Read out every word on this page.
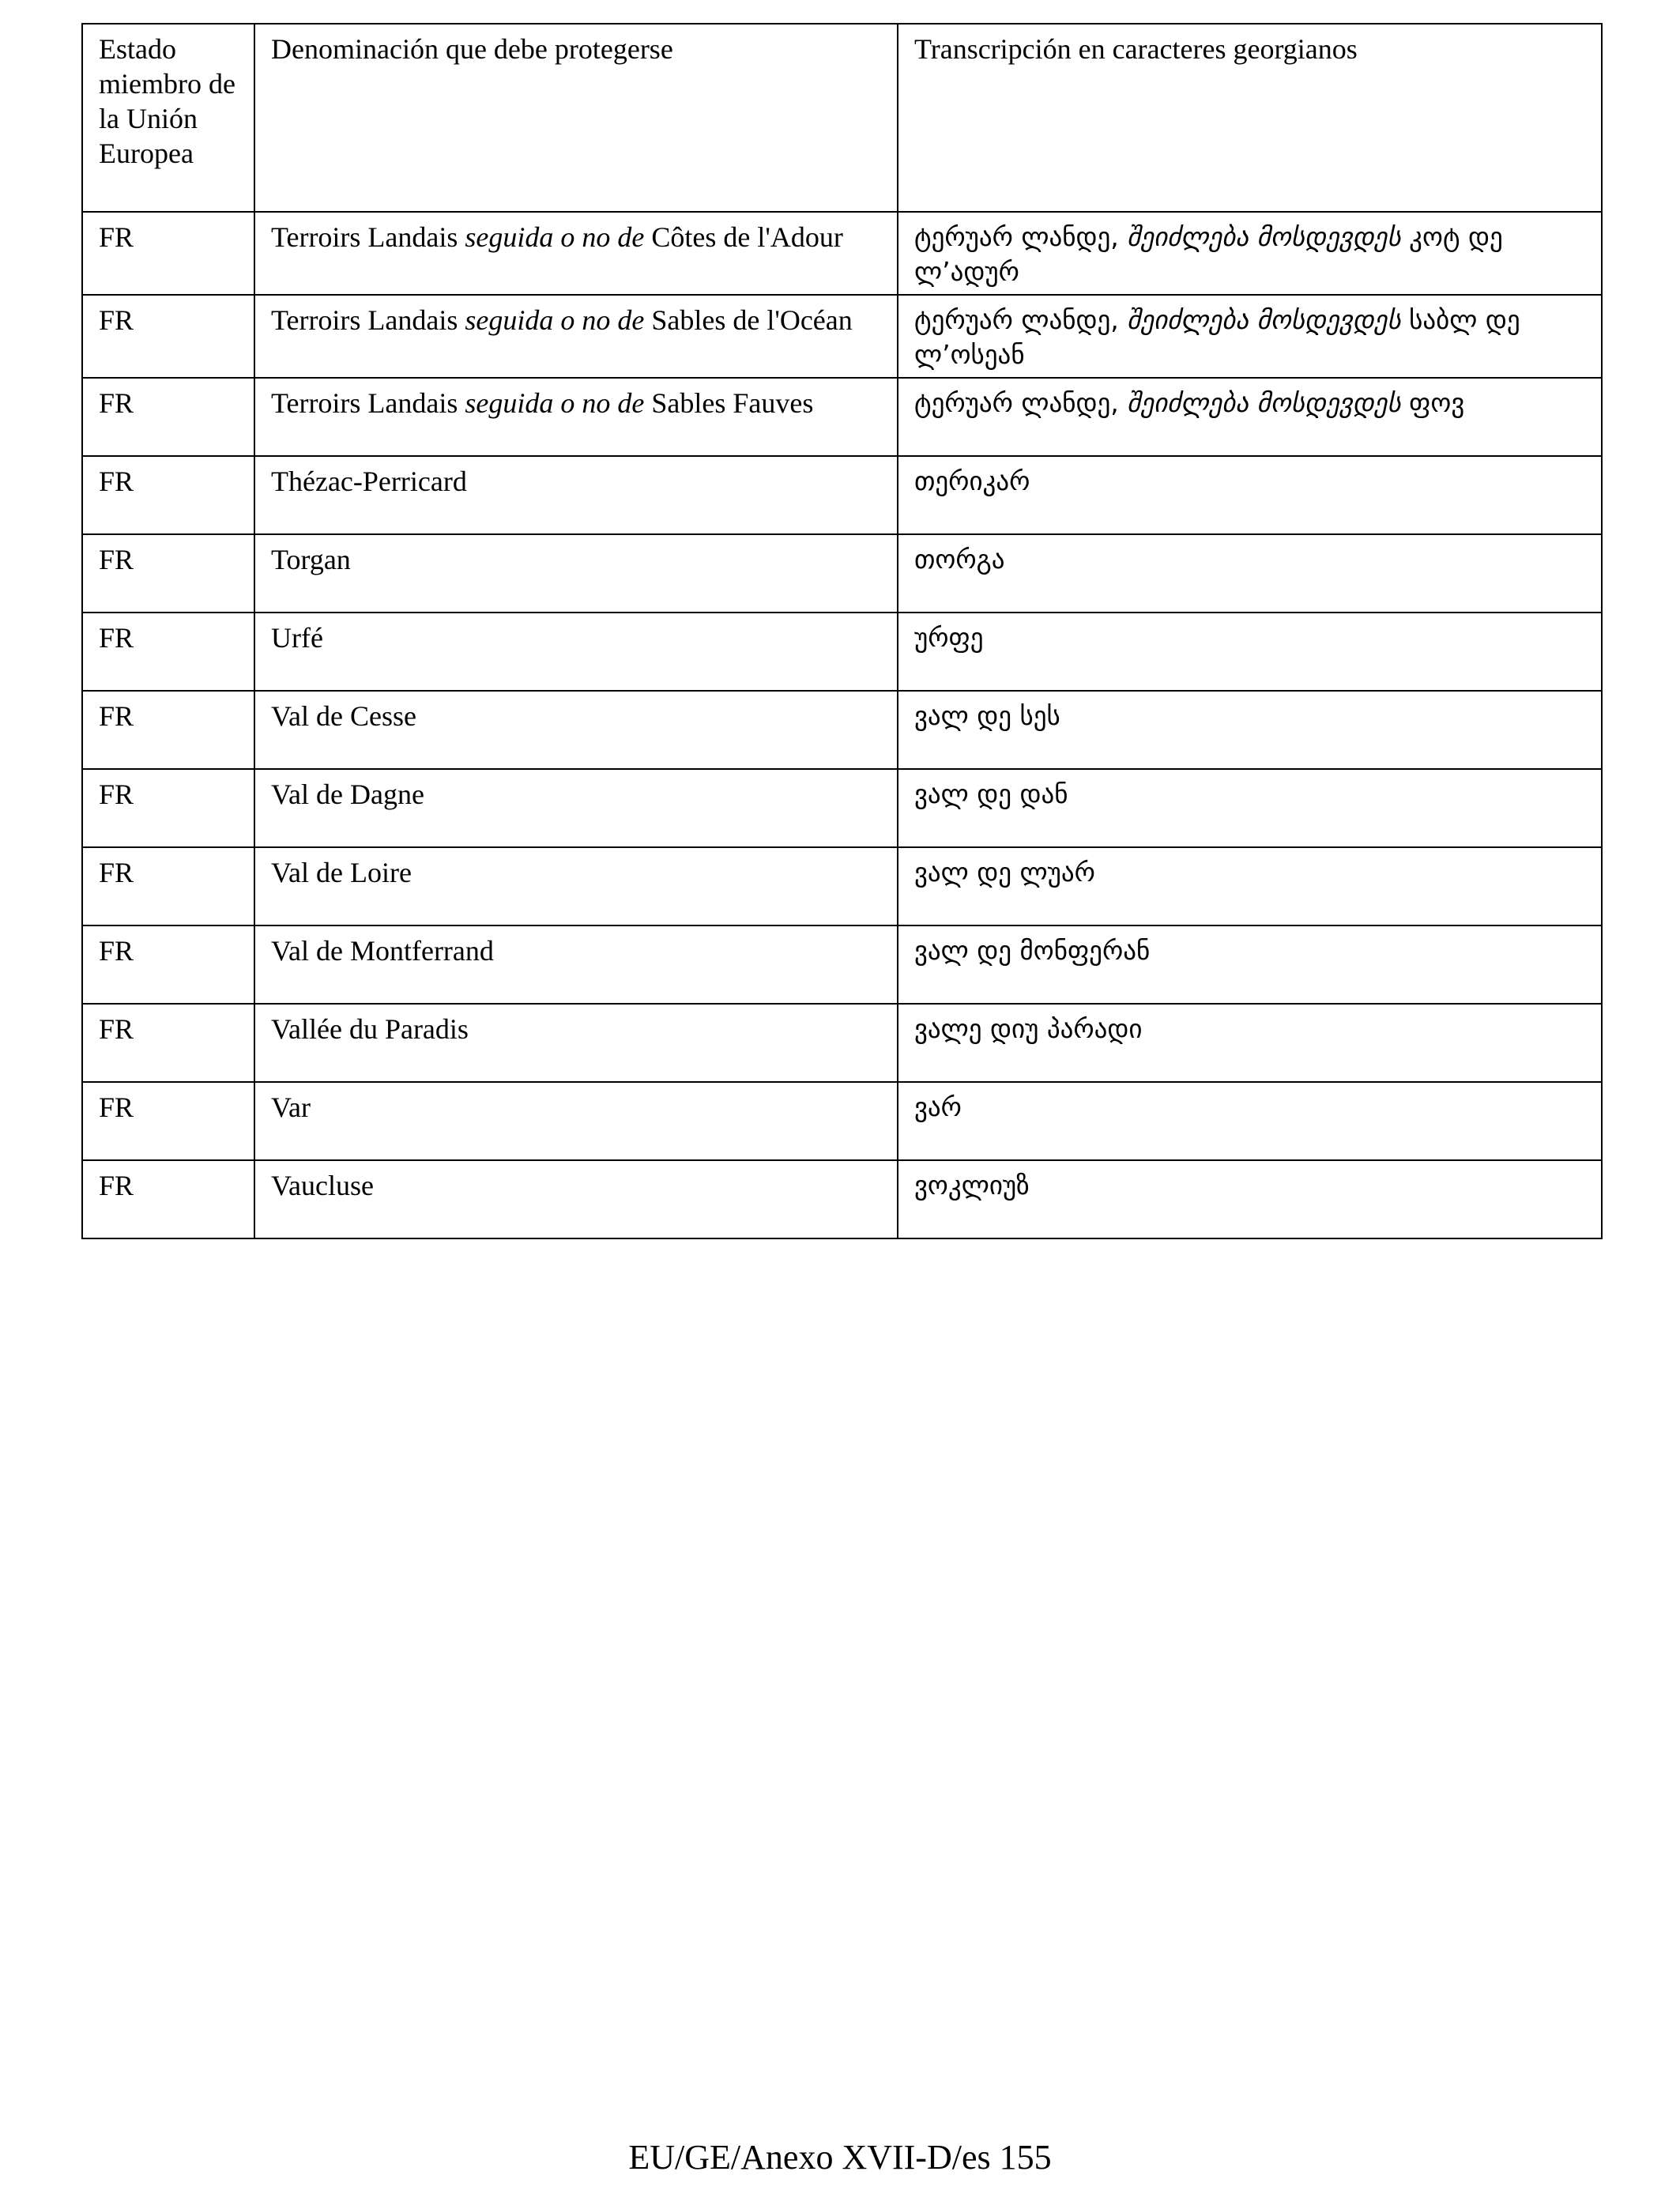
Estado miembro de la Unión Europea	Denominación que debe protegerse	Transcripción en caracteres georgianos
FR	Terroirs Landais seguida o no de Côtes de l'Adour	ტერუარ ლანდე, შეიძლება მოსდევდეს კოტ დე ლ’ადურ
FR	Terroirs Landais seguida o no de Sables de l'Océan	ტერუარ ლანდე, შეიძლება მოსდევდეს საბლ დე ლ’ოსეან
FR	Terroirs Landais seguida o no de Sables Fauves	ტერუარ ლანდე, შეიძლება მოსდევდეს ფოვ
FR	Thézac-Perricard	თერიკარ
FR	Torgan	თორგა
FR	Urfé	ურფე
FR	Val de Cesse	ვალ დე სეს
FR	Val de Dagne	ვალ დე დან
FR	Val de Loire	ვალ დე ლუარ
FR	Val de Montferrand	ვალ დე მონფერან
FR	Vallée du Paradis	ვალე დიუ პარადი
FR	Var	ვარ
FR	Vaucluse	ვოკლიუზ
EU/GE/Anexo XVII-D/es 155
